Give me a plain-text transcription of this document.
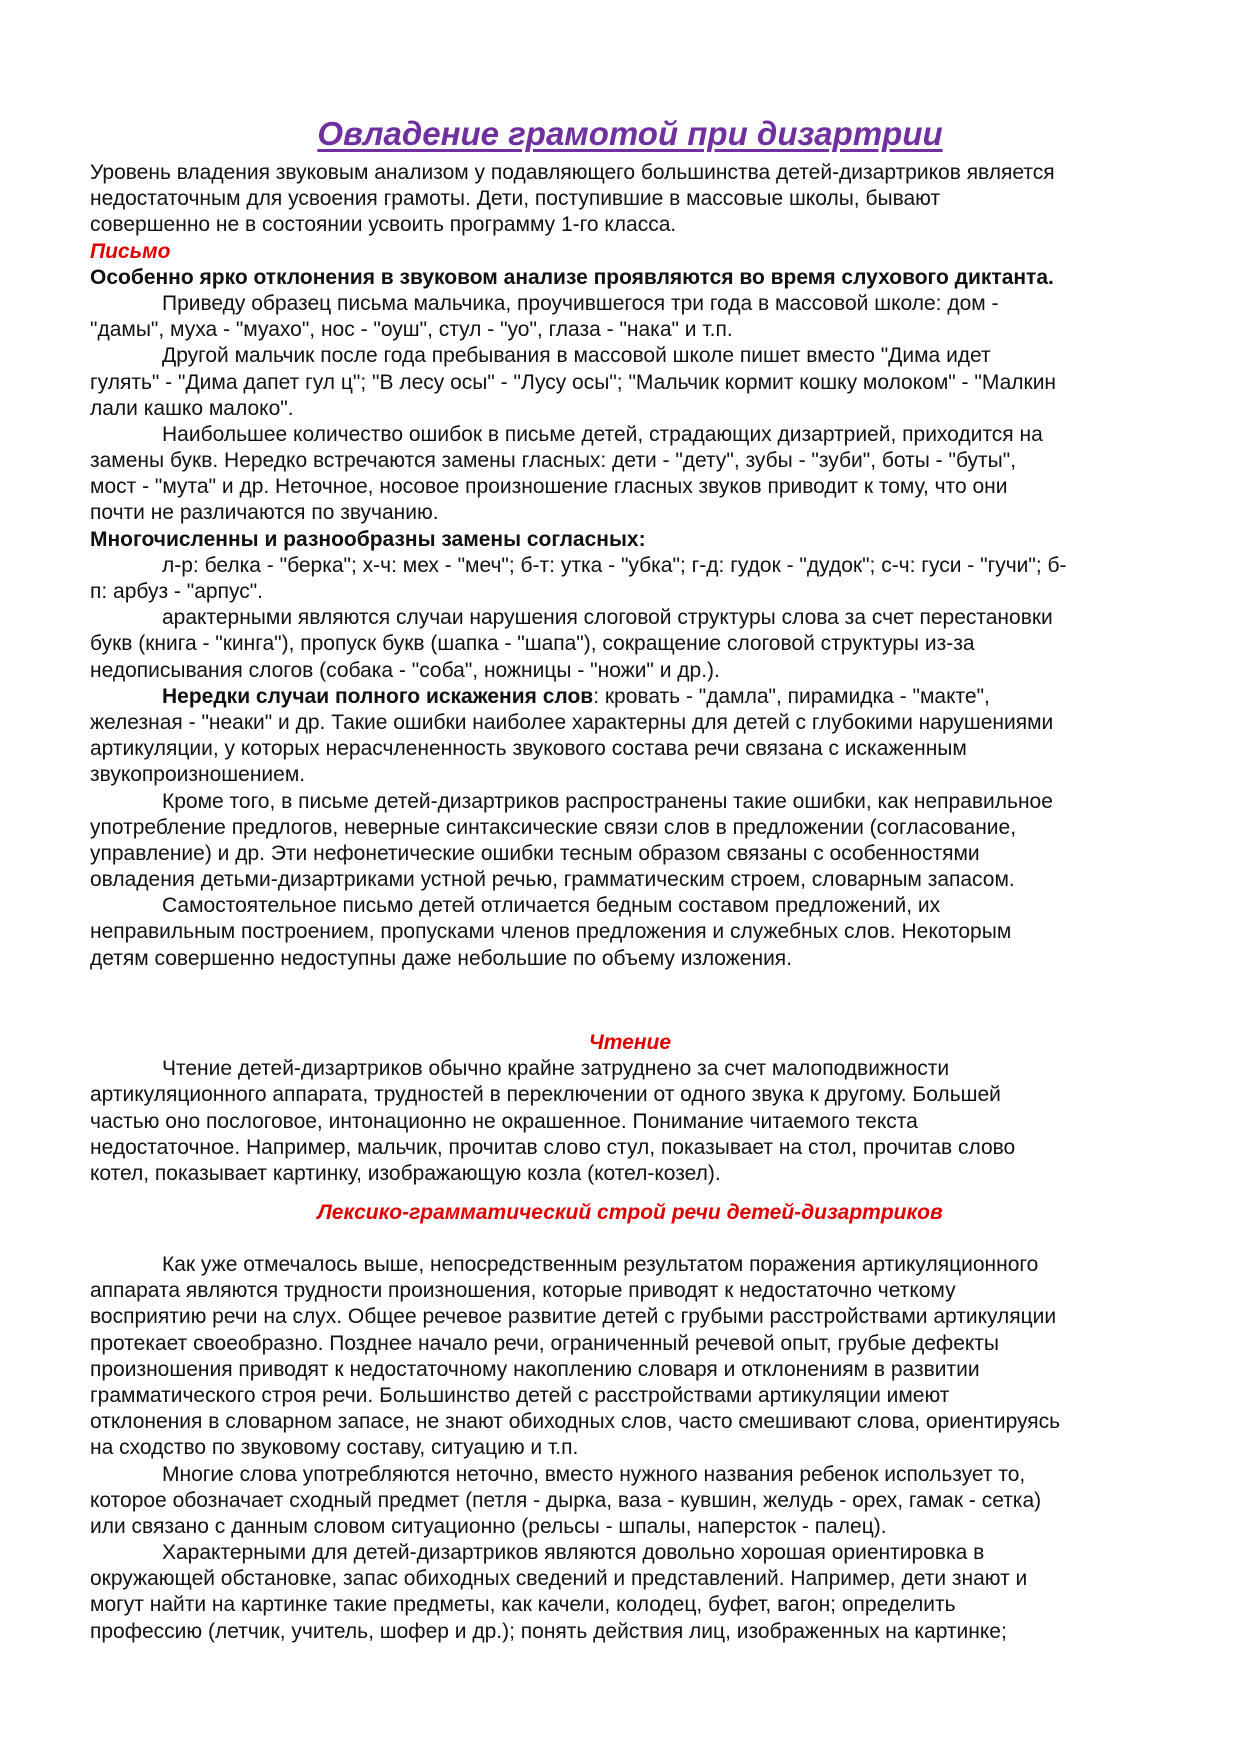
Овладение грамотой при дизартрии
Уровень владения звуковым анализом у подавляющего большинства детей-дизартриков является
недостаточным для усвоения грамоты. Дети, поступившие в массовые школы, бывают
совершенно не в состоянии усвоить программу 1-го класса.
Письмо
Особенно ярко отклонения в звуковом анализе проявляются во время слухового диктанта.
Приведу образец письма мальчика, проучившегося три года в массовой школе: дом -
"дамы", муха - "муахо", нос - "оуш", стул - "уо", глаза - "нака" и т.п.
Другой мальчик после года пребывания в массовой школе пишет вместо "Дима идет
гулять" - "Дима дапет гул ц"; "В лесу осы" - "Лусу осы"; "Мальчик кормит кошку молоком" - "Малкин
лали кашко малоко".
Наибольшее количество ошибок в письме детей, страдающих дизартрией, приходится на
замены букв. Нередко встречаются замены гласных: дети - "дету", зубы - "зуби", боты - "буты",
мост - "мута" и др. Неточное, носовое произношение гласных звуков приводит к тому, что они
почти не различаются по звучанию.
Многочисленны и разнообразны замены согласных:
л-р: белка - "берка"; х-ч: мех - "меч"; б-т: утка - "убка"; г-д: гудок - "дудок"; с-ч: гуси - "гучи"; б-
п: арбуз - "арпус".
арактерными являются случаи нарушения слоговой структуры слова за счет перестановки
букв (книга - "кинга"), пропуск букв (шапка - "шапа"), сокращение слоговой структуры из-за
недописывания слогов (собака - "соба", ножницы - "ножи" и др.).
Нередки случаи полного искажения слов: кровать - "дамла", пирамидка - "макте",
железная - "неаки" и др. Такие ошибки наиболее характерны для детей с глубокими нарушениями
артикуляции, у которых нерасчлененность звукового состава речи связана с искаженным
звукопроизношением.
Кроме того, в письме детей-дизартриков распространены такие ошибки, как неправильное
употребление предлогов, неверные синтаксические связи слов в предложении (согласование,
управление) и др. Эти нефонетические ошибки тесным образом связаны с особенностями
овладения детьми-дизартриками устной речью, грамматическим строем, словарным запасом.
Самостоятельное письмо детей отличается бедным составом предложений, их
неправильным построением, пропусками членов предложения и служебных слов. Некоторым
детям совершенно недоступны даже небольшие по объему изложения.
Чтение
Чтение детей-дизартриков обычно крайне затруднено за счет малоподвижности
артикуляционного аппарата, трудностей в переключении от одного звука к другому. Большей
частью оно послоговое, интонационно не окрашенное. Понимание читаемого текста
недостаточное. Например, мальчик, прочитав слово стул, показывает на стол, прочитав слово
котел, показывает картинку, изображающую козла (котел-козел).
Лексико-грамматический строй речи детей-дизартриков
Как уже отмечалось выше, непосредственным результатом поражения артикуляционного
аппарата являются трудности произношения, которые приводят к недостаточно четкому
восприятию речи на слух. Общее речевое развитие детей с грубыми расстройствами артикуляции
протекает своеобразно. Позднее начало речи, ограниченный речевой опыт, грубые дефекты
произношения приводят к недостаточному накоплению словаря и отклонениям в развитии
грамматического строя речи. Большинство детей с расстройствами артикуляции имеют
отклонения в словарном запасе, не знают обиходных слов, часто смешивают слова, ориентируясь
на сходство по звуковому составу, ситуацию и т.п.
Многие слова употребляются неточно, вместо нужного названия ребенок использует то,
которое обозначает сходный предмет (петля - дырка, ваза - кувшин, желудь - орех, гамак - сетка)
или связано с данным словом ситуационно (рельсы - шпалы, наперсток - палец).
Характерными для детей-дизартриков являются довольно хорошая ориентировка в
окружающей обстановке, запас обиходных сведений и представлений. Например, дети знают и
могут найти на картинке такие предметы, как качели, колодец, буфет, вагон; определить
профессию (летчик, учитель, шофер и др.); понять действия лиц, изображенных на картинке;
